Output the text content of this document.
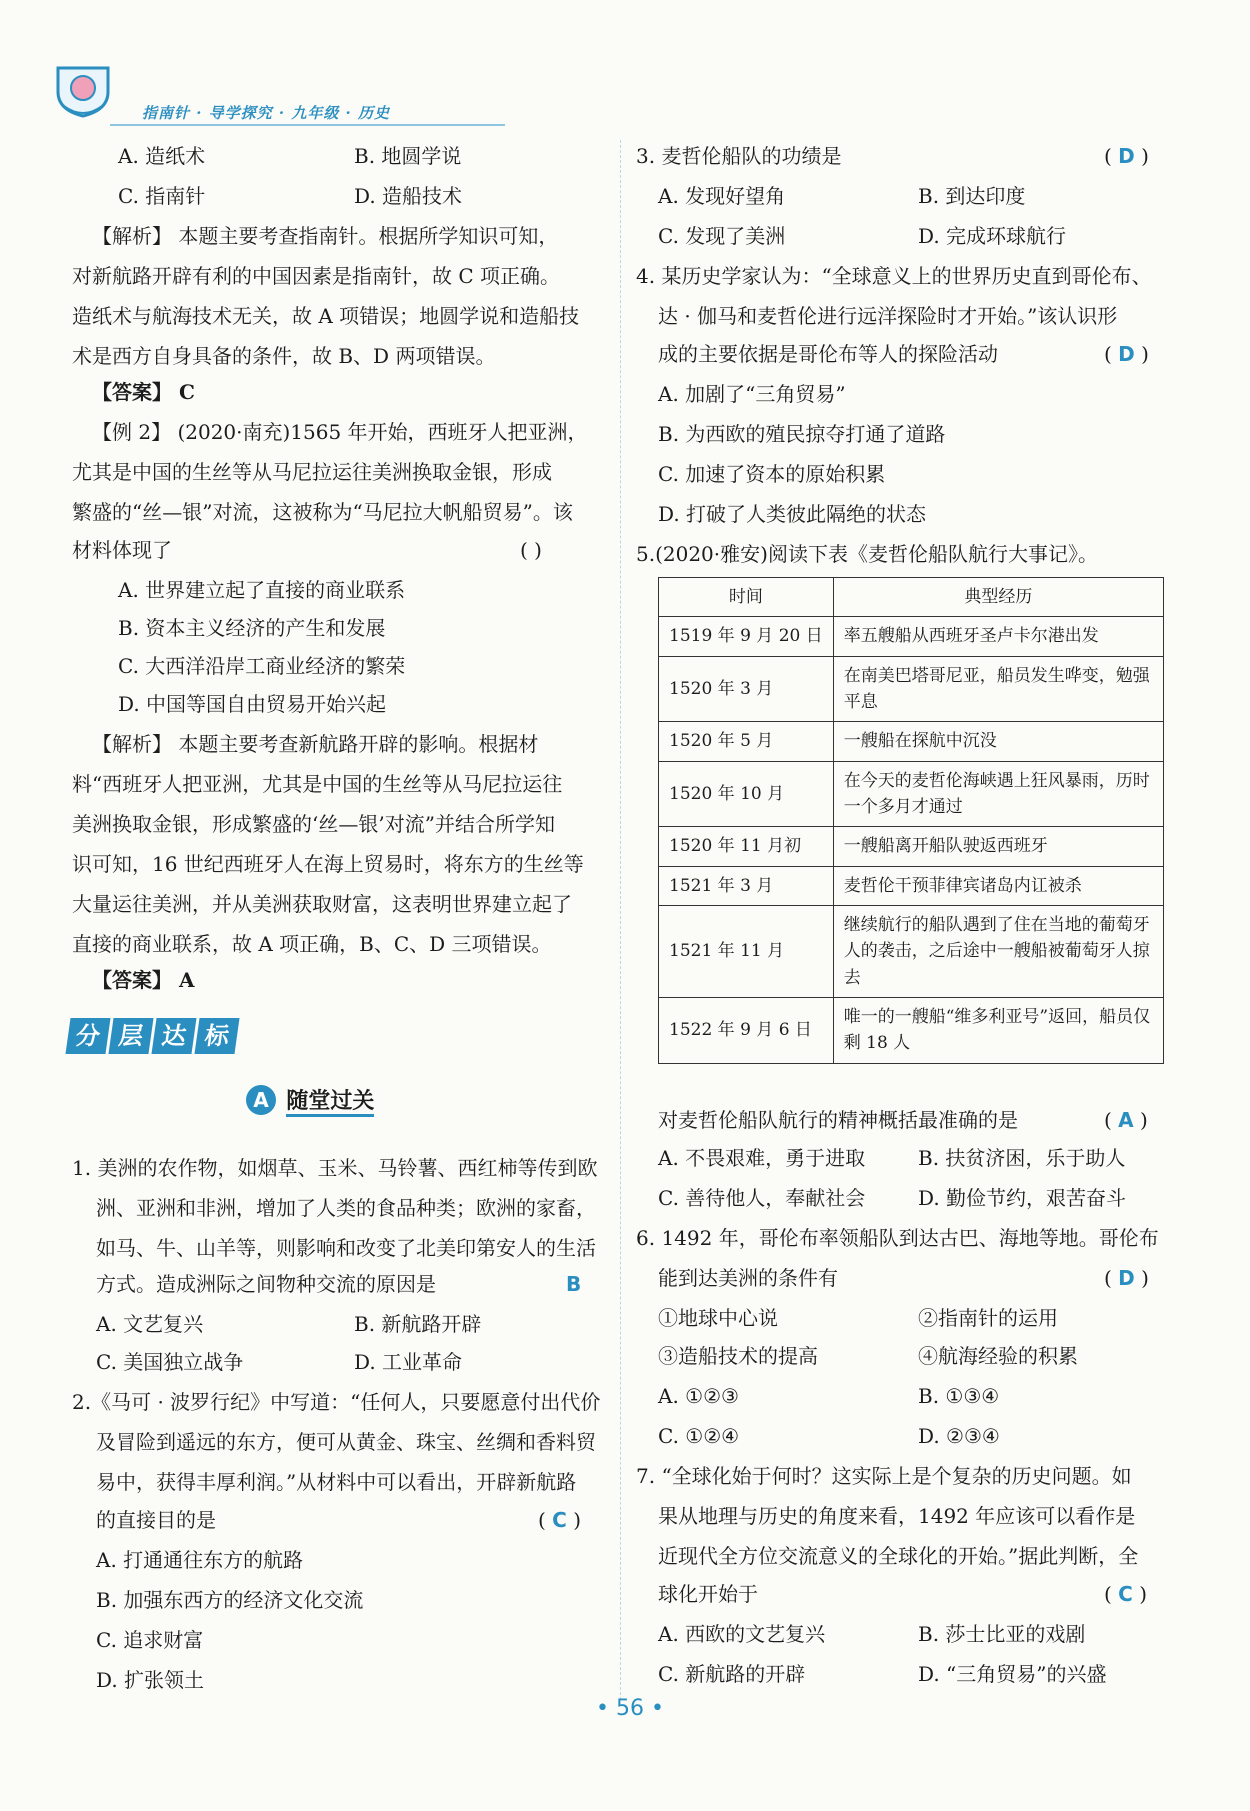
指南针 · 导学探究 · 九年级 · 历史
A. 造纸术	B. 地圆学说
C. 指南针	D. 造船技术
【解析】 本题主要考查指南针。根据所学知识可知，
对新航路开辟有利的中国因素是指南针，故 C 项正确。
造纸术与航海技术无关，故 A 项错误；地圆学说和造船技
术是西方自身具备的条件，故 B、D 两项错误。
【答案】 C
【例 2】 (2020·南充)1565 年开始，西班牙人把亚洲，
尤其是中国的生丝等从马尼拉运往美洲换取金银，形成
繁盛的“丝—银”对流，这被称为“马尼拉大帆船贸易”。该
材料体现了	( )
A. 世界建立起了直接的商业联系
B. 资本主义经济的产生和发展
C. 大西洋沿岸工商业经济的繁荣
D. 中国等国自由贸易开始兴起
【解析】 本题主要考查新航路开辟的影响。根据材
料“西班牙人把亚洲，尤其是中国的生丝等从马尼拉运往
美洲换取金银，形成繁盛的‘丝—银’对流”并结合所学知
识可知，16 世纪西班牙人在海上贸易时，将东方的生丝等
大量运往美洲，并从美洲获取财富，这表明世界建立起了
直接的商业联系，故 A 项正确，B、C、D 三项错误。
【答案】 A
分 层 达 标
A 随堂过关
1. 美洲的农作物，如烟草、玉米、马铃薯、西红柿等传到欧
洲、亚洲和非洲，增加了人类的食品种类；欧洲的家畜，
如马、牛、山羊等，则影响和改变了北美印第安人的生活
方式。造成洲际之间物种交流的原因是	B
A. 文艺复兴	B. 新航路开辟
C. 美国独立战争	D. 工业革命
2.《马可 · 波罗行纪》中写道：“任何人，只要愿意付出代价
及冒险到遥远的东方，便可从黄金、珠宝、丝绸和香料贸
易中，获得丰厚利润。”从材料中可以看出，开辟新航路
的直接目的是	( C )
A. 打通通往东方的航路
B. 加强东西方的经济文化交流
C. 追求财富
D. 扩张领土
3. 麦哲伦船队的功绩是	( D )
A. 发现好望角	B. 到达印度
C. 发现了美洲	D. 完成环球航行
4. 某历史学家认为：“全球意义上的世界历史直到哥伦布、
达 · 伽马和麦哲伦进行远洋探险时才开始。”该认识形
成的主要依据是哥伦布等人的探险活动	( D )
A. 加剧了“三角贸易”
B. 为西欧的殖民掠夺打通了道路
C. 加速了资本的原始积累
D. 打破了人类彼此隔绝的状态
5.(2020·雅安)阅读下表《麦哲伦船队航行大事记》。
时间	典型经历
1519 年 9 月 20 日	率五艘船从西班牙圣卢卡尔港出发
1520 年 3 月	在南美巴塔哥尼亚，船员发生哗变，勉强平息
1520 年 5 月	一艘船在探航中沉没
1520 年 10 月	在今天的麦哲伦海峡遇上狂风暴雨，历时一个多月才通过
1520 年 11 月初	一艘船离开船队驶返西班牙
1521 年 3 月	麦哲伦干预菲律宾诸岛内讧被杀
1521 年 11 月	继续航行的船队遇到了住在当地的葡萄牙人的袭击，之后途中一艘船被葡萄牙人掠去
1522 年 9 月 6 日	唯一的一艘船“维多利亚号”返回，船员仅剩 18 人
对麦哲伦船队航行的精神概括最准确的是	( A )
A. 不畏艰难，勇于进取	B. 扶贫济困，乐于助人
C. 善待他人，奉献社会	D. 勤俭节约，艰苦奋斗
6. 1492 年，哥伦布率领船队到达古巴、海地等地。哥伦布
能到达美洲的条件有	( D )
①地球中心说	②指南针的运用
③造船技术的提高	④航海经验的积累
A. ①②③	B. ①③④
C. ①②④	D. ②③④
7. “全球化始于何时？这实际上是个复杂的历史问题。如
果从地理与历史的角度来看，1492 年应该可以看作是
近现代全方位交流意义的全球化的开始。”据此判断，全
球化开始于	( C )
A. 西欧的文艺复兴	B. 莎士比亚的戏剧
C. 新航路的开辟	D. “三角贸易”的兴盛
• 56 •
